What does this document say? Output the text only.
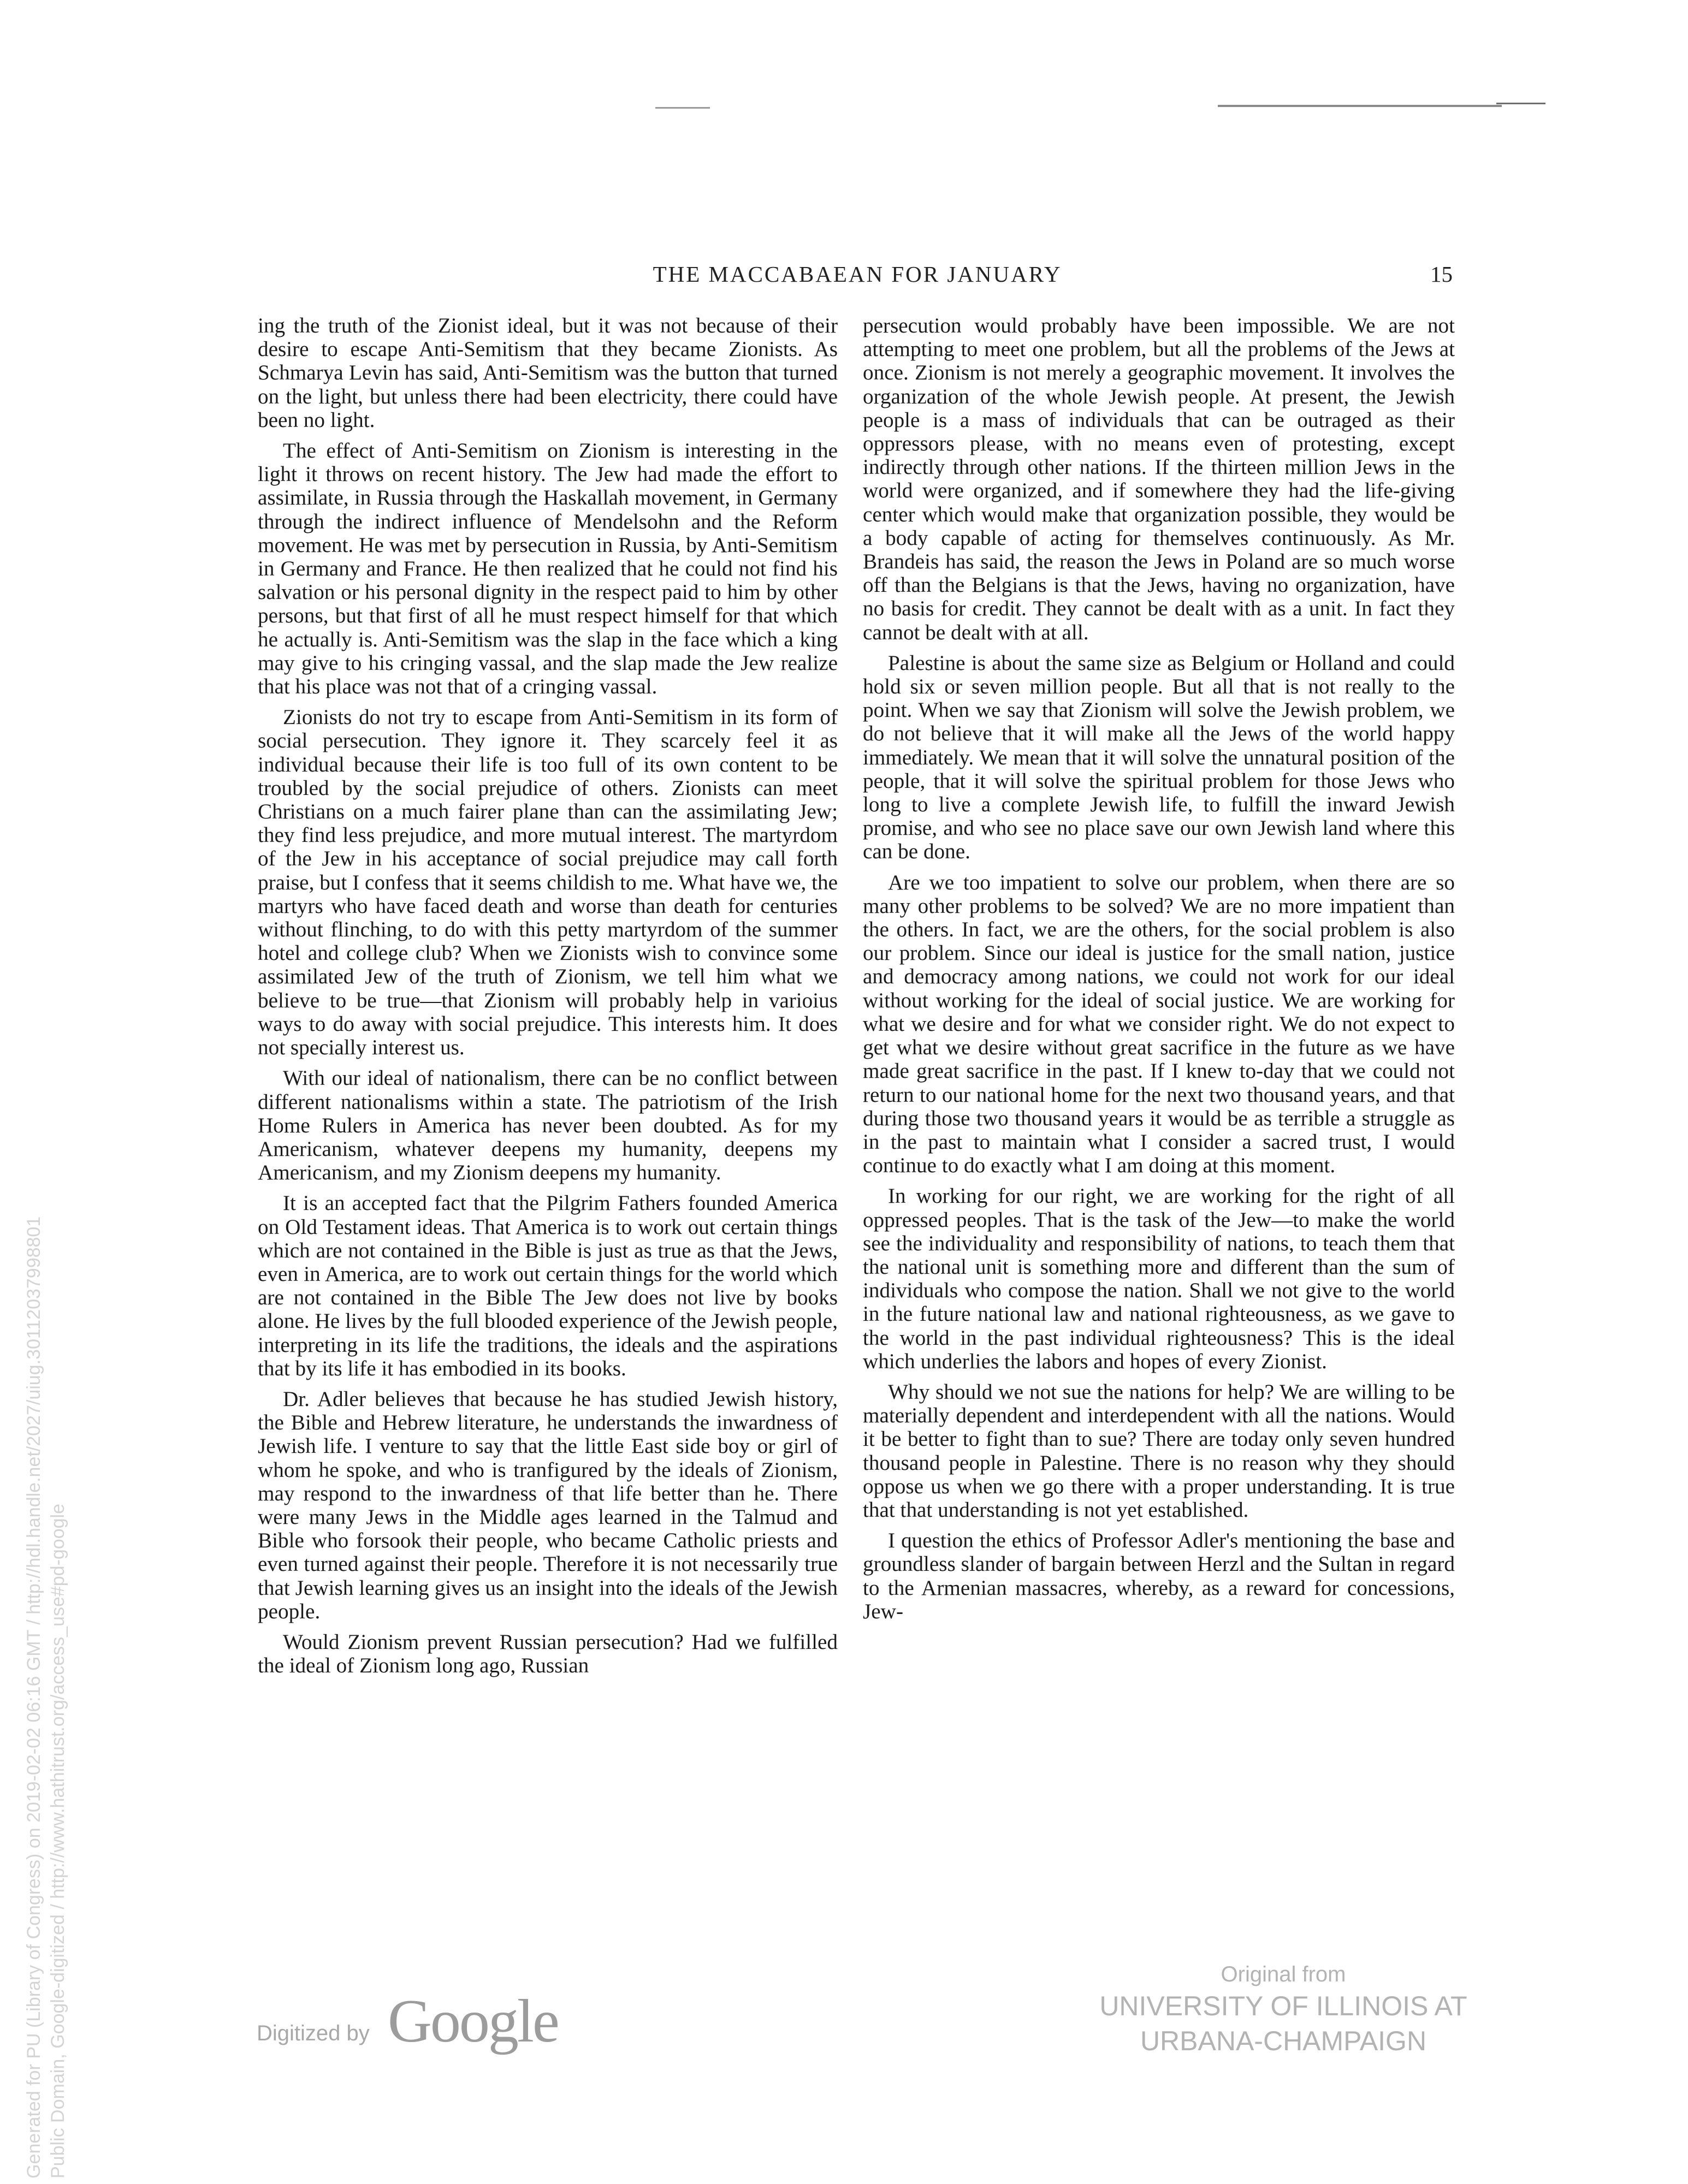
THE MACCABAEAN FOR JANUARY	15

ing the truth of the Zionist ideal, but it was not because of their desire to escape Anti-Semitism that they became Zionists. As Schmarya Levin has said, Anti-Semitism was the button that turned on the light, but unless there had been electricity, there could have been no light.

The effect of Anti-Semitism on Zionism is interesting in the light it throws on recent history. The Jew had made the effort to assimilate, in Russia through the Haskallah movement, in Germany through the indirect influence of Mendelsohn and the Reform movement. He was met by persecution in Russia, by Anti-Semitism in Germany and France. He then realized that he could not find his salvation or his personal dignity in the respect paid to him by other persons, but that first of all he must respect himself for that which he actually is. Anti-Semitism was the slap in the face which a king may give to his cringing vassal, and the slap made the Jew realize that his place was not that of a cringing vassal.

Zionists do not try to escape from Anti-Semitism in its form of social persecution. They ignore it. They scarcely feel it as individual because their life is too full of its own content to be troubled by the social prejudice of others. Zionists can meet Christians on a much fairer plane than can the assimilating Jew; they find less prejudice, and more mutual interest. The martyrdom of the Jew in his acceptance of social prejudice may call forth praise, but I confess that it seems childish to me. What have we, the martyrs who have faced death and worse than death for centuries without flinching, to do with this petty martyrdom of the summer hotel and college club? When we Zionists wish to convince some assimilated Jew of the truth of Zionism, we tell him what we believe to be true—that Zionism will probably help in varioius ways to do away with social prejudice. This interests him. It does not specially interest us.

With our ideal of nationalism, there can be no conflict between different nationalisms within a state. The patriotism of the Irish Home Rulers in America has never been doubted. As for my Americanism, whatever deepens my humanity, deepens my Americanism, and my Zionism deepens my humanity.

It is an accepted fact that the Pilgrim Fathers founded America on Old Testament ideas. That America is to work out certain things which are not contained in the Bible is just as true as that the Jews, even in America, are to work out certain things for the world which are not contained in the Bible The Jew does not live by books alone. He lives by the full blooded experience of the Jewish people, interpreting in its life the traditions, the ideals and the aspirations that by its life it has embodied in its books.

Dr. Adler believes that because he has studied Jewish history, the Bible and Hebrew literature, he understands the inwardness of Jewish life. I venture to say that the little East side boy or girl of whom he spoke, and who is tranfigured by the ideals of Zionism, may respond to the inwardness of that life better than he. There were many Jews in the Middle ages learned in the Talmud and Bible who forsook their people, who became Catholic priests and even turned against their people. Therefore it is not necessarily true that Jewish learning gives us an insight into the ideals of the Jewish people.

Would Zionism prevent Russian persecution? Had we fulfilled the ideal of Zionism long ago, Russian

persecution would probably have been impossible. We are not attempting to meet one problem, but all the problems of the Jews at once. Zionism is not merely a geographic movement. It involves the organization of the whole Jewish people. At present, the Jewish people is a mass of individuals that can be outraged as their oppressors please, with no means even of protesting, except indirectly through other nations. If the thirteen million Jews in the world were organized, and if somewhere they had the life-giving center which would make that organization possible, they would be a body capable of acting for themselves continuously. As Mr. Brandeis has said, the reason the Jews in Poland are so much worse off than the Belgians is that the Jews, having no organization, have no basis for credit. They cannot be dealt with as a unit. In fact they cannot be dealt with at all.

Palestine is about the same size as Belgium or Holland and could hold six or seven million people. But all that is not really to the point. When we say that Zionism will solve the Jewish problem, we do not believe that it will make all the Jews of the world happy immediately. We mean that it will solve the unnatural position of the people, that it will solve the spiritual problem for those Jews who long to live a complete Jewish life, to fulfill the inward Jewish promise, and who see no place save our own Jewish land where this can be done.

Are we too impatient to solve our problem, when there are so many other problems to be solved? We are no more impatient than the others. In fact, we are the others, for the social problem is also our problem. Since our ideal is justice for the small nation, justice and democracy among nations, we could not work for our ideal without working for the ideal of social justice. We are working for what we desire and for what we consider right. We do not expect to get what we desire without great sacrifice in the future as we have made great sacrifice in the past. If I knew to-day that we could not return to our national home for the next two thousand years, and that during those two thousand years it would be as terrible a struggle as in the past to maintain what I consider a sacred trust, I would continue to do exactly what I am doing at this moment.

In working for our right, we are working for the right of all oppressed peoples. That is the task of the Jew—to make the world see the individuality and responsibility of nations, to teach them that the national unit is something more and different than the sum of individuals who compose the nation. Shall we not give to the world in the future national law and national righteousness, as we gave to the world in the past individual righteousness? This is the ideal which underlies the labors and hopes of every Zionist.

Why should we not sue the nations for help? We are willing to be materially dependent and interdependent with all the nations. Would it be better to fight than to sue? There are today only seven hundred thousand people in Palestine. There is no reason why they should oppose us when we go there with a proper understanding. It is true that that understanding is not yet established.

I question the ethics of Professor Adler's mentioning the base and groundless slander of bargain between Herzl and the Sultan in regard to the Armenian massacres, whereby, as a reward for concessions, Jew-

Generated for PU (Library of Congress) on 2019-02-02 06:16 GMT / http://hdl.handle.net/2027/uiug.30112037998801 Public Domain, Google-digitized / http://www.hathitrust.org/access_use#pd-google	Digitized by Google
Original from
UNIVERSITY OF ILLINOIS AT
URBANA-CHAMPAIGN
